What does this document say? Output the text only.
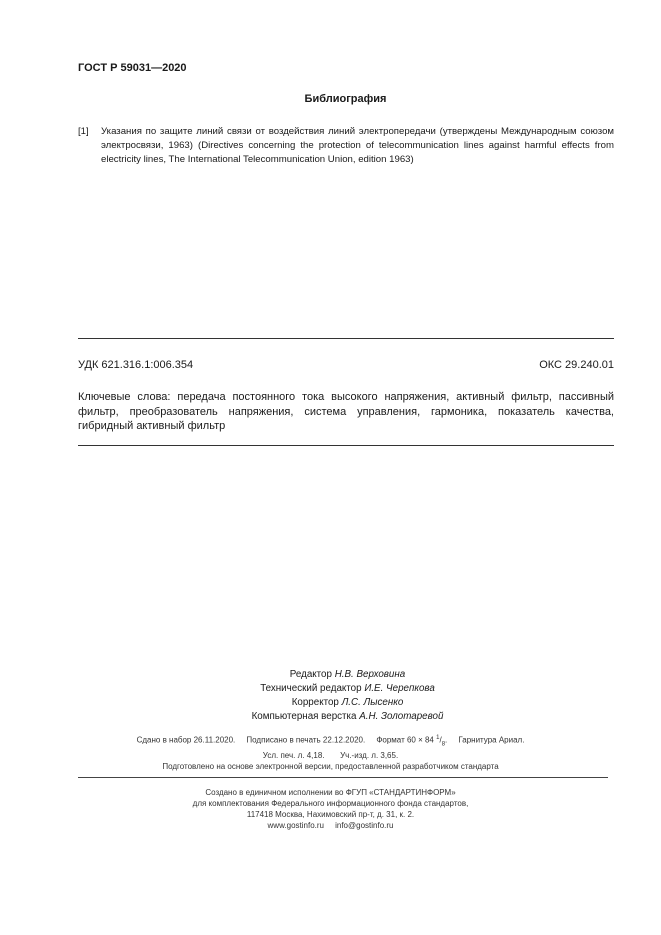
ГОСТ Р 59031—2020
Библиография
[1] Указания по защите линий связи от воздействия линий электропередачи (утверждены Международным союзом электросвязи, 1963) (Directives concerning the protection of telecommunication lines against harmful effects from electricity lines, The International Telecommunication Union, edition 1963)
УДК 621.316.1:006.354	ОКС 29.240.01
Ключевые слова: передача постоянного тока высокого напряжения, активный фильтр, пассивный фильтр, преобразователь напряжения, система управления, гармоника, показатель качества, гибридный активный фильтр
Редактор Н.В. Верховина
Технический редактор И.Е. Черепкова
Корректор Л.С. Лысенко
Компьютерная верстка А.Н. Золотаревой
Сдано в набор 26.11.2020. Подписано в печать 22.12.2020. Формат 60 × 84 $^1/_8$.     Гарнитура Ариал.
Усл. печ. л. 4,18. Уч.-изд. л. 3,65.
Подготовлено на основе электронной версии, предоставленной разработчиком стандарта
Создано в единичном исполнении во ФГУП «СТАНДАРТИНФОРМ»
для комплектования Федерального информационного фонда стандартов,
117418 Москва, Нахимовский пр-т, д. 31, к. 2.
www.gostinfo.ru info@gostinfo.ru
